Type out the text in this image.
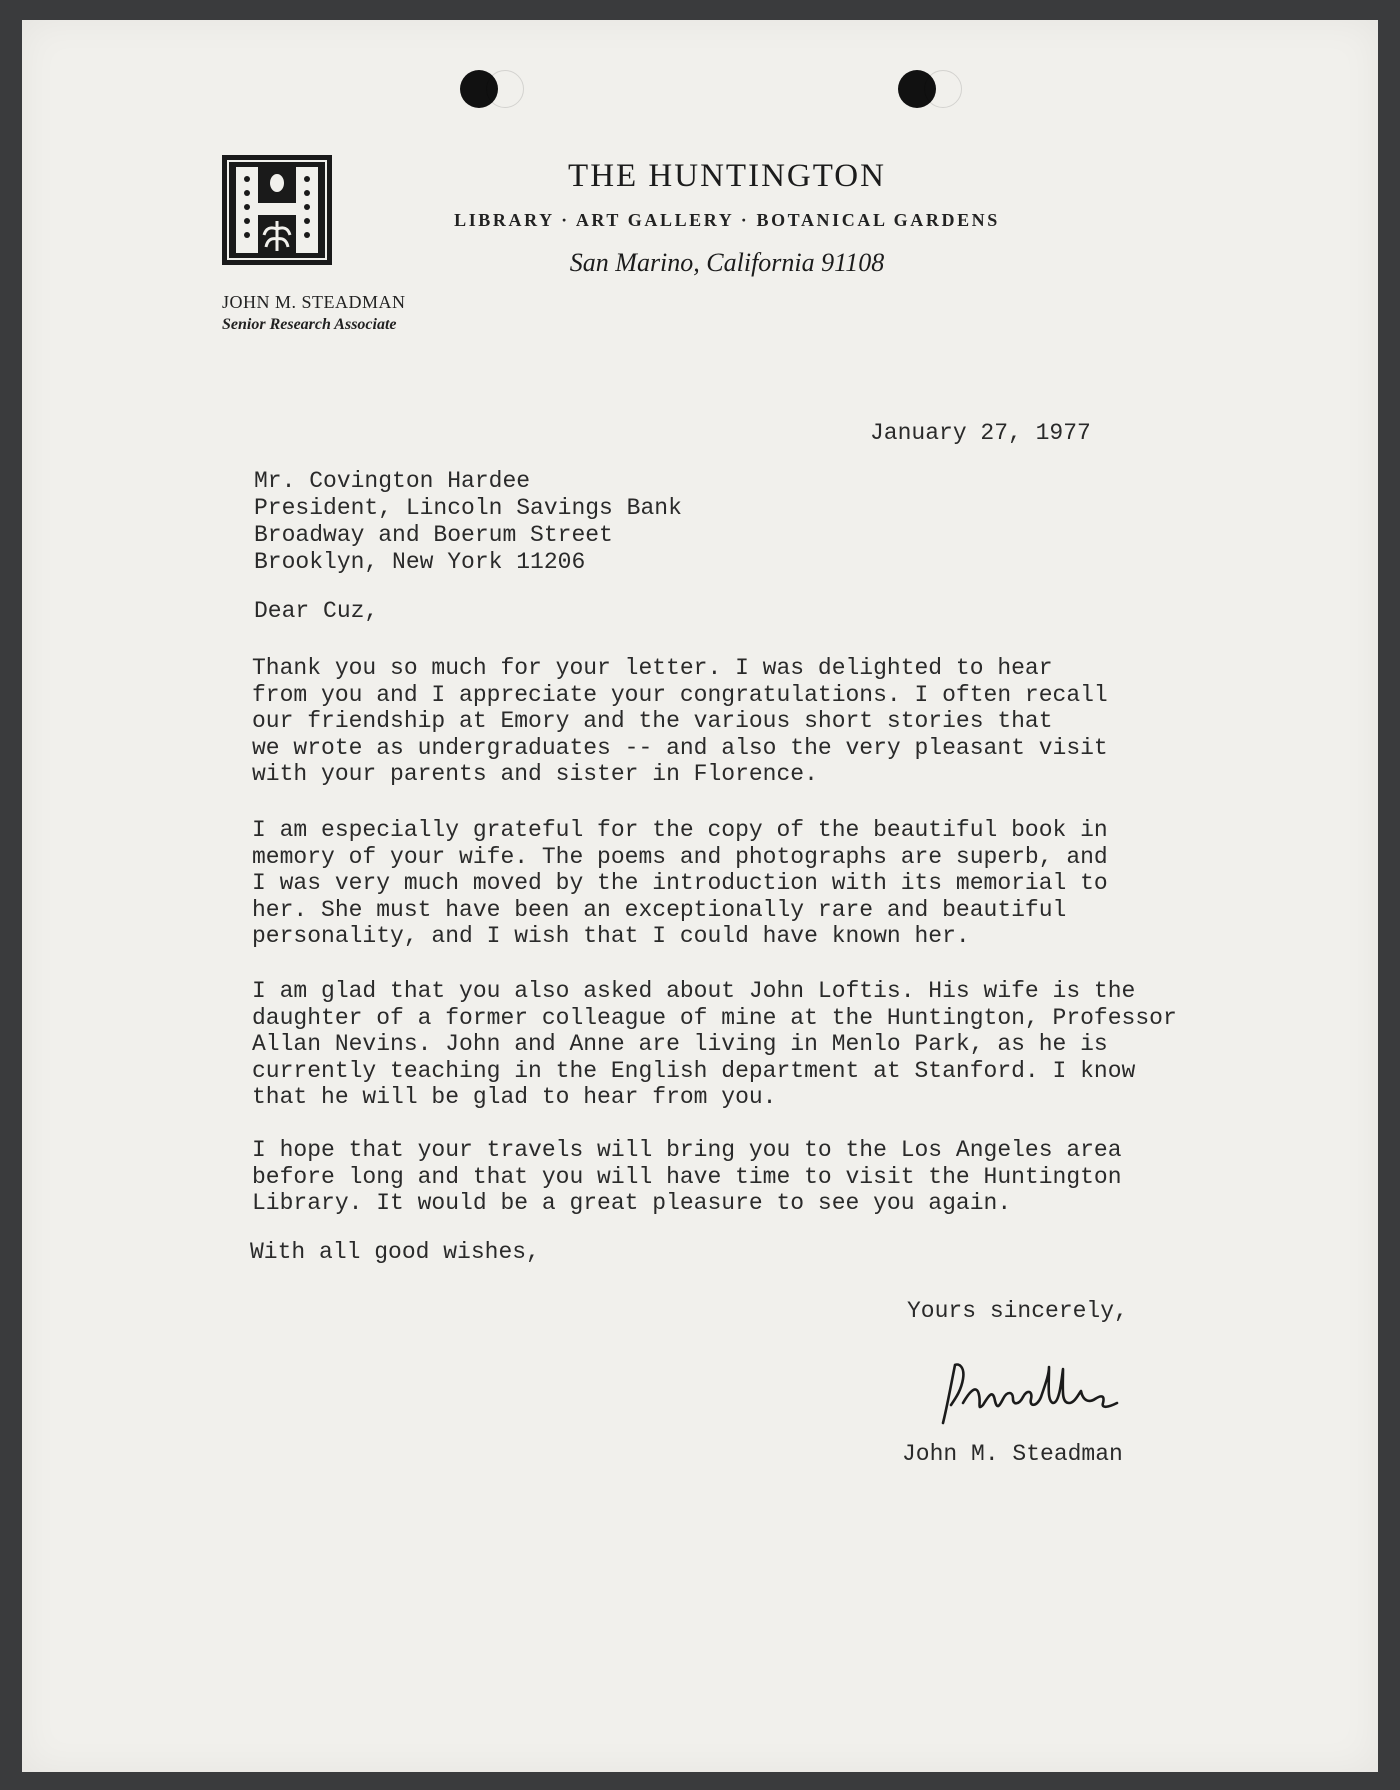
THE HUNTINGTON
LIBRARY · ART GALLERY · BOTANICAL GARDENS
San Marino, California 91108
JOHN M. STEADMAN
Senior Research Associate
January 27, 1977
Mr. Covington Hardee
President, Lincoln Savings Bank
Broadway and Boerum Street
Brooklyn, New York 11206
Dear Cuz,
Thank you so much for your letter. I was delighted to hear
from you and I appreciate your congratulations. I often recall
our friendship at Emory and the various short stories that
we wrote as undergraduates -- and also the very pleasant visit
with your parents and sister in Florence.
I am especially grateful for the copy of the beautiful book in
memory of your wife. The poems and photographs are superb, and
I was very much moved by the introduction with its memorial to
her. She must have been an exceptionally rare and beautiful
personality, and I wish that I could have known her.
I am glad that you also asked about John Loftis. His wife is the
daughter of a former colleague of mine at the Huntington, Professor
Allan Nevins. John and Anne are living in Menlo Park, as he is
currently teaching in the English department at Stanford. I know
that he will be glad to hear from you.
I hope that your travels will bring you to the Los Angeles area
before long and that you will have time to visit the Huntington
Library. It would be a great pleasure to see you again.
With all good wishes,
Yours sincerely,
John M. Steadman
